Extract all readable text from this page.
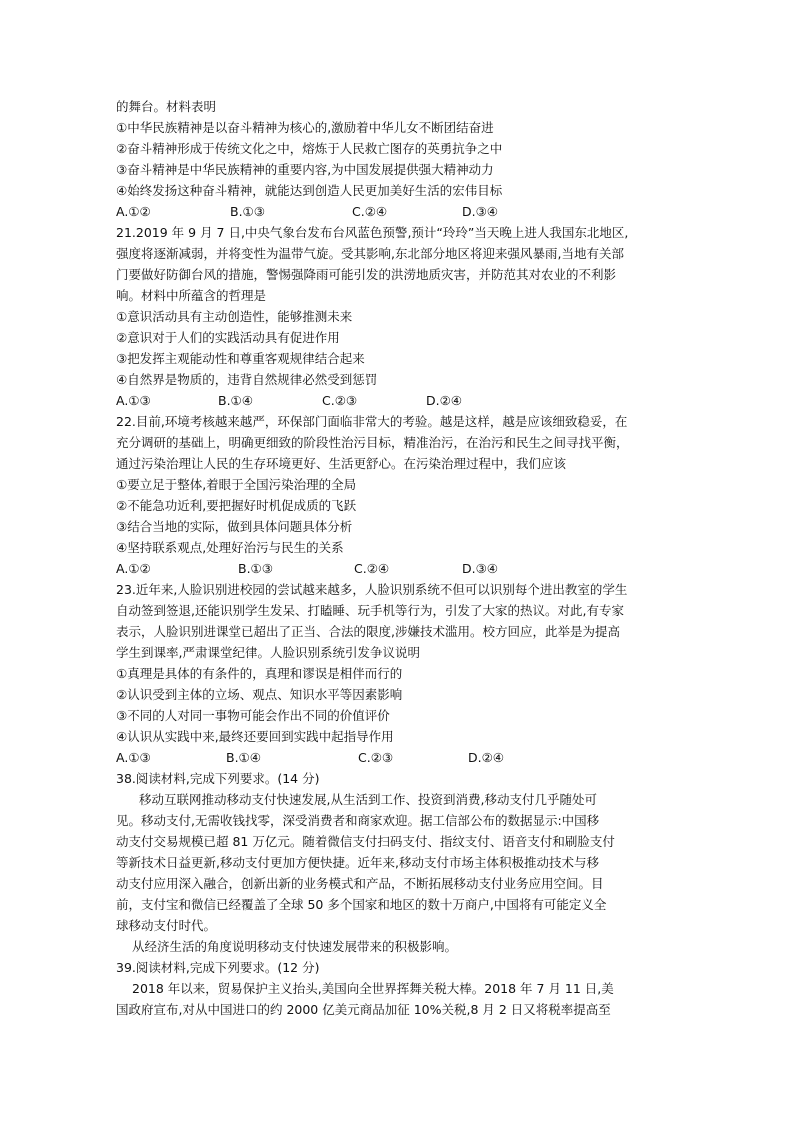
的舞台。材料表明
①中华民族精神是以奋斗精神为核心的,激励着中华儿女不断团结奋进
②奋斗精神形成于传统文化之中，熔炼于人民救亡图存的英勇抗争之中
③奋斗精神是中华民族精神的重要内容,为中国发展提供强大精神动力
④始终发扬这种奋斗精神，就能达到创造人民更加美好生活的宏伟目标
A.①②	B.①③	C.②④	D.③④
21.2019 年 9 月 7 日,中央气象台发布台风蓝色预警,预计“玲玲”当天晚上进人我国东北地区,
强度将逐渐减弱，并将变性为温带气旋。受其影响,东北部分地区将迎来强风暴雨,当地有关部
门要做好防御台风的措施，警惕强降雨可能引发的洪涝地质灾害，并防范其对农业的不利影
响。材料中所蕴含的哲理是
①意识活动具有主动创造性，能够推测未来
②意识对于人们的实践活动具有促进作用
③把发挥主观能动性和尊重客观规律结合起来
④自然界是物质的，违背自然规律必然受到惩罚
A.①③	B.①④	C.②③	D.②④
22.目前,环境考核越来越严，环保部门面临非常大的考验。越是这样，越是应该细致稳妥，在
充分调研的基础上，明确更细致的阶段性治污目标，精准治污，在治污和民生之间寻找平衡，
通过污染治理让人民的生存环境更好、生活更舒心。在污染治理过程中，我们应该
①要立足于整体,着眼于全国污染治理的全局
②不能急功近利,要把握好时机促成质的飞跃
③结合当地的实际，做到具体问题具体分析
④坚持联系观点,处理好治污与民生的关系
A.①②	B.①③	C.②④	D.③④
23.近年来,人脸识别进校园的尝试越来越多，人脸识别系统不但可以识别每个进出教室的学生
自动签到签退,还能识别学生发呆、打瞌睡、玩手机等行为，引发了大家的热议。对此,有专家
表示，人脸识别进课堂已超出了正当、合法的限度,涉嫌技术滥用。校方回应，此举是为提高
学生到课率,严肃课堂纪律。人脸识别系统引发争议说明
①真理是具体的有条件的，真理和谬误是相伴而行的
②认识受到主体的立场、观点、知识水平等因素影响
③不同的人对同一事物可能会作出不同的价值评价
④认识从实践中来,最终还要回到实践中起指导作用
A.①③	B.①④	C.②③	D.②④
38.阅读材料,完成下列要求。(14 分)
移动互联网推动移动支付快速发展,从生活到工作、投资到消费,移动支付几乎随处可
见。移动支付,无需收钱找零，深受消费者和商家欢迎。据工信部公布的数据显示:中国移
动支付交易规模已超 81 万亿元。随着微信支付扫码支付、指纹支付、语音支付和刷脸支付
等新技术日益更新,移动支付更加方便快捷。近年来,移动支付市场主体积极推动技术与移
动支付应用深入融合，创新出新的业务模式和产品，不断拓展移动支付业务应用空间。目
前，支付宝和微信已经覆盖了全球 50 多个国家和地区的数十万商户,中国将有可能定义全
球移动支付时代。
从经济生活的角度说明移动支付快速发展带来的积极影响。
39.阅读材料,完成下列要求。(12 分)
2018 年以来，贸易保护主义抬头,美国向全世界挥舞关税大棒。2018 年 7 月 11 日,美
国政府宣布,对从中国进口的约 2000 亿美元商品加征 10%关税,8 月 2 日又将税率提高至
